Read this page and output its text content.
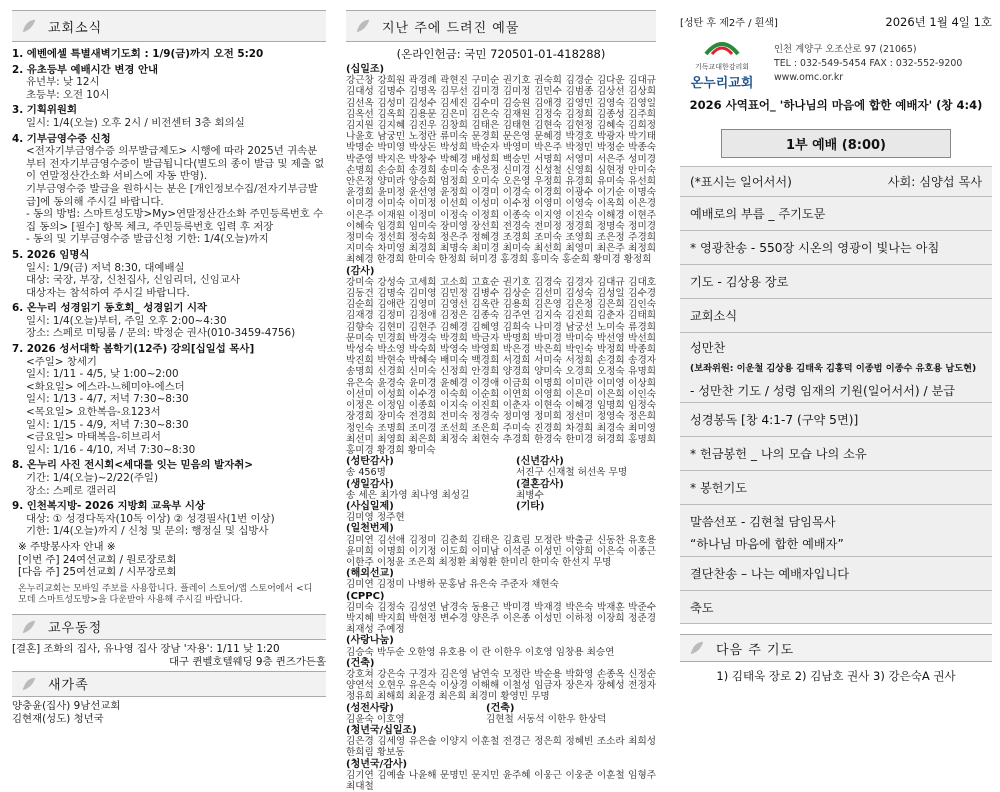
교회소식
1. 에벤에셀 특별새벽기도회 : 1/9(금)까지 오전 5:20
2. 유초등부 예배시간 변경 안내
유년부: 낮 12시
초등부: 오전 10시
3. 기획위원회
일시: 1/4(오늘) 오후 2시 / 비전센터 3층 회의실
4. 기부금영수증 신청
<전자기부금영수증 의무발급제도> 시행에 따라 2025년 귀속분부터 전자기부금영수증이 발급됩니다(별도의 종이 발급 및 제출 없이 연말정산간소화 서비스에 자동 반영).
기부금영수증 발급을 원하시는 분은 [개인정보수집/전자기부금발급]에 동의해 주시길 바랍니다.
- 동의 방법: 스마트성도방>My>연말정산간소화 주민등록번호 수집 동의> [필수] 항목 체크, 주민등록번호 입력 후 저장
- 동의 및 기부금영수증 발급신청 기한: 1/4(오늘)까지
5. 2026 임명식
일시: 1/9(금) 저녁 8:30, 대예배실
대상: 국장, 부장, 신천집사, 신임리더, 신임교사
대상자는 참석하여 주시길 바랍니다.
6. 온누리 성경읽기 동호회_ 성경읽기 시작
일시: 1/4(오늘)부터, 주일 오후 2:00~4:30
장소: 스페로 미팅룸 / 문의: 박정순 권사(010-3459-4756)
7. 2026 성서대학 봄학기(12주) 강의[십일섭 목사]
<주일> 창세기
일시: 1/11 - 4/5, 낮 1:00~2:00
<화요일> 에스라-느헤미야-에스더
일시: 1/13 - 4/7, 저녁 7:30~8:30
<목요일> 요한복음-요123서
일시: 1/15 - 4/9, 저녁 7:30~8:30
<금요일> 마태복음-히브리서
일시: 1/16 - 4/10, 저녁 7:30~8:30
8. 온누리 사진 전시회<세대를 잇는 믿음의 발자취>
기간: 1/4(오늘)~2/22(주일)
장소: 스페로 갤러리
9. 인천복지방- 2026 지방회 교육부 시상
대상: ① 성경다독자(10독 이상) ② 성경필사(1번 이상)
기한: 1/4(오늘)까지 / 신청 및 문의: 행정실 및 십방사
※ 주방봉사자 안내 ※
[이번 주] 24여선교회 / 원로장로회
[다음 주] 25여선교회 / 시무장로회
온누리교회는 모바일 주보를 사용합니다. 플레이 스토어/앱 스토어에서 <디모데 스마트성도방>을 다운받아 사용해 주시길 바랍니다.
교우동정
[결혼] 조화의 집사, 유나영 집사 장남 '자용': 1/11 낮 1:20
대구 퀸벨호텔웨딩 9층 퀸즈가든홀
새가족
양충윤(집사) 9남선교회
김현재(성도) 청년국
지난 주에 드려진 예물
(온라인헌금: 국민 720501-01-418288)
(십일조)
강근창 강희원 곽경례 곽현진 구미순 권기호 권숙희 김경순 김다운 김대규 김대성 김명수 김명옥 김무선 김미경 김미정 김민수 김범종 김상선 김상희 김선옥 김성미 김성수 김세진 김수미 김승원 김애경 김영민 김영숙 김영일 김옥선 김옥희 김용문 김은미 김은숙 김재원 김정숙 김정희 김종성 김주희 김지원 김지혜 김진우 김창희 김태은 김태현 김현숙 김현정 김혜숙 김희정 나윤호 남궁민 노정란 류미숙 문경희 문은영 문혜경 박경호 박광자 박기태 박명순 박미영 박상돈 박성희 박순자 박영미 박은주 박정민 박정순 박종숙 박준영 박지은 박창수 박혜경 배성희 백승민 서명희 서영미 서은주 성미경 손명희 손승희 송경희 송미숙 송은정 신미경 신성철 신영희 심현정 안미숙 안은정 양미라 양승희 엄정희 오미숙 오은영 우정희 유경희 유미숙 유선희 윤경희 윤미정 윤선영 윤정희 이경미 이경숙 이경희 이광수 이기순 이명숙 이미경 이미숙 이미정 이선희 이성미 이수정 이영미 이영숙 이옥희 이은경 이은주 이재원 이정미 이정숙 이정희 이종숙 이지영 이진숙 이해경 이현주 이혜숙 임경희 임미숙 장미영 장선희 전경숙 전미정 정경희 정명숙 정미경 정미숙 정선희 정숙희 정은주 정혜경 조경희 조미숙 조영희 조은정 주경희 지미숙 차미영 최경희 최명숙 최미경 최미숙 최선희 최영미 최은주 최정희 최혜경 한경희 한미숙 한정희 허미경 홍경희 홍미숙 홍순희 황미경 황정희
(감사)
강미숙 강성숙 고세희 고소희 고효순 권기호 김경숙 김경자 김대규 김대호 김동건 김명숙 김미영 김민정 김병수 김상순 김선미 김성숙 김성일 김수경 김순희 김애란 김영미 김영선 김옥란 김용희 김은영 김은정 김은희 김인숙 김재경 김정미 김정애 김정은 김종숙 김주연 김지숙 김진희 김춘자 김태희 김향숙 김현미 김현주 김혜경 김혜영 김희숙 나미경 남궁선 노미숙 류경희 문미숙 민경희 박경숙 박경희 박금자 박명희 박미경 박미숙 박선영 박선희 박성숙 박소영 박숙희 박영숙 박영희 박은경 박은희 박인숙 박정희 박종희 박진희 박현숙 박혜숙 배미숙 백경희 서경희 서미숙 서정희 손경희 송경자 송명희 신경희 신미숙 신정희 안경희 양경희 양미숙 오경희 오정숙 유명희 유은숙 윤경숙 윤미경 윤혜경 이경애 이금희 이명희 이미란 이미영 이상희 이선미 이성희 이수경 이숙희 이순희 이연희 이영희 이은미 이은희 이인숙 이정은 이정임 이종희 이지숙 이진희 이춘자 이현숙 이혜경 임명희 임정숙 장경희 장미숙 전경희 전미숙 정경숙 정미영 정미희 정선미 정영숙 정은희 정인숙 조명희 조미경 조선희 조은희 주미숙 진경희 차경희 최경숙 최미영 최선미 최영희 최은희 최정숙 최현숙 추경희 한경숙 한미경 허경희 홍명희 홍미경 황경희 황미숙
(성탄감사)	(신년감사)
송 456명	서진구 신재철 허선옥 무명
(생일감사)	(결혼감사)
송 세은 최가영 최나영 최성길	최병수
(사십일제)	(기타)
김미영 정주현
(일천번제)
김미연 김선애 김정미 김춘희 김태은 김효림 모정란 박출균 신동찬 유호용 윤미희 이명희 이기정 이도희 이미남 이석준 이성민 이양희 이은숙 이종근 이한주 이청윤 조은희 최정환 최형환 한미리 한미숙 한선지 무명
(해외선교)
김미연 김정미 나병하 문홍남 유은숙 주준자 채현숙
(CPPC)
김미숙 김정숙 김성연 남경숙 동용근 박미경 박재경 박은숙 박재훈 박준수 박지혜 박지희 박현정 변수경 양은주 이은종 이성민 이하정 이장희 정준경 최재성 주예정
(사랑나눔)
김승숙 박두순 오한영 유호용 이 란 이한우 이호영 임창용 최승연
(건축)
강호쳐 강은숙 구경자 김은영 남연숙 모정란 박순용 박화영 손종옥 신정순 양연석 오현우 유은숙 이상경 이해해 이철성 임금자 장은자 장혜성 전정자 정유희 최해희 최윤경 최은희 최경미 황영민 무명
(성전사랑)	(건축)
김윤숙 이호영	김현철 서동석 이한우 한상덕
(청년국/십일조)
김은경 김세영 유은솔 이양지 이훈철 전경근 정은희 정혜빈 조소라 최희성 한희림 황보동
(청년국/감사)
김기연 김예솔 나윤해 문명민 문지민 윤주혜 이웅근 이웅준 이훈철 임형주 최대철
[성탄 후 제2주 / 흰색]	2026년 1월 4일 1호
기독교대한감리회
온누리교회
인천 계양구 오조산로 97 (21065)
TEL : 032-549-5454 FAX : 032-552-9200
www.omc.or.kr
2026 사역표어_ '하나님의 마음에 합한 예배자' (창 4:4)
1부 예배 (8:00)
(*표시는 일어서서)	사회: 심양섭 목사
예배로의 부름 _ 주기도문
* 영광찬송 - 550장 시온의 영광이 빛나는 아침
기도 - 김상용 장로
교회소식
성만찬
(보좌위원: 이운철 김상용 김태욱 김홍덕 이종범 이종수 유호용 남도현)
- 성만찬 기도 / 성령 임재의 기원(일어서서) / 분급
성경봉독 [창 4:1-7 (구약 5면)]
* 헌금봉헌 _ 나의 모습 나의 소유
* 봉헌기도
말씀선포 - 김현철 담임목사
“하나님 마음에 합한 예배자”
결단찬송 – 나는 예배자입니다
축도
다음 주 기도
1) 김태욱 장로 2) 김남호 권사 3) 강은숙A 권사
